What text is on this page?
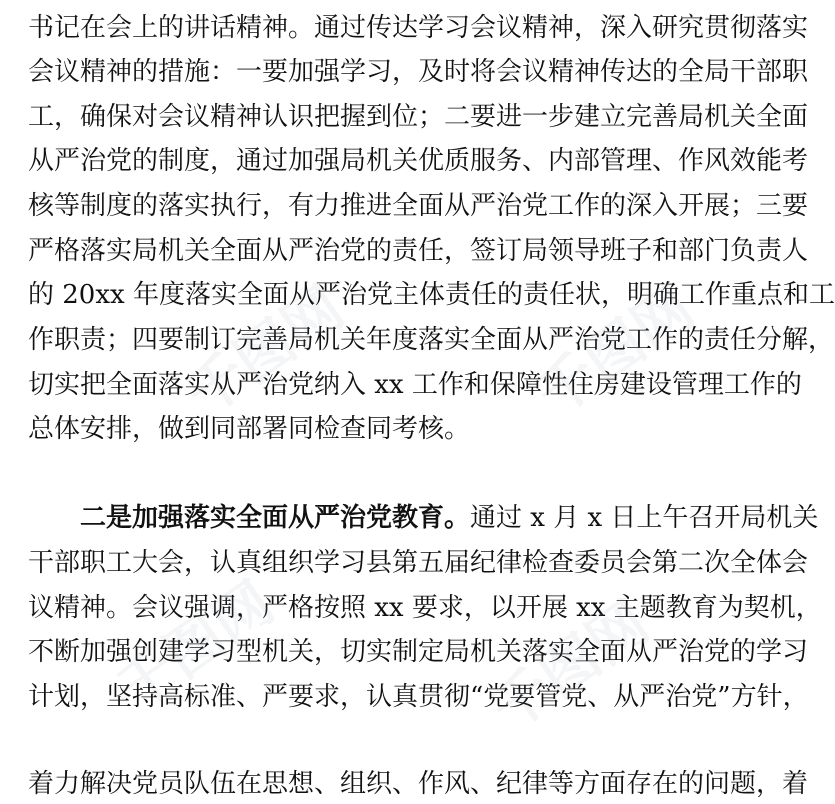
书记在会上的讲话精神。通过传达学习会议精神，深入研究贯彻落实
会议精神的措施：一要加强学习，及时将会议精神传达的全局干部职
工，确保对会议精神认识把握到位；二要进一步建立完善局机关全面
从严治党的制度，通过加强局机关优质服务、内部管理、作风效能考
核等制度的落实执行，有力推进全面从严治党工作的深入开展；三要
严格落实局机关全面从严治党的责任，签订局领导班子和部门负责人
的 20xx 年度落实全面从严治党主体责任的责任状，明确工作重点和工
作职责；四要制订完善局机关年度落实全面从严治党工作的责任分解，
切实把全面落实从严治党纳入 xx 工作和保障性住房建设管理工作的
总体安排，做到同部署同检查同考核。
二是加强落实全面从严治党教育。通过 x 月 x 日上午召开局机关
干部职工大会，认真组织学习县第五届纪律检查委员会第二次全体会
议精神。会议强调，严格按照 xx 要求，以开展 xx 主题教育为契机，
不断加强创建学习型机关，切实制定局机关落实全面从严治党的学习
计划，坚持高标准、严要求，认真贯彻“党要管党、从严治党”方针，
着力解决党员队伍在思想、组织、作风、纪律等方面存在的问题，着
千图网	千图网
千图网	千图网
